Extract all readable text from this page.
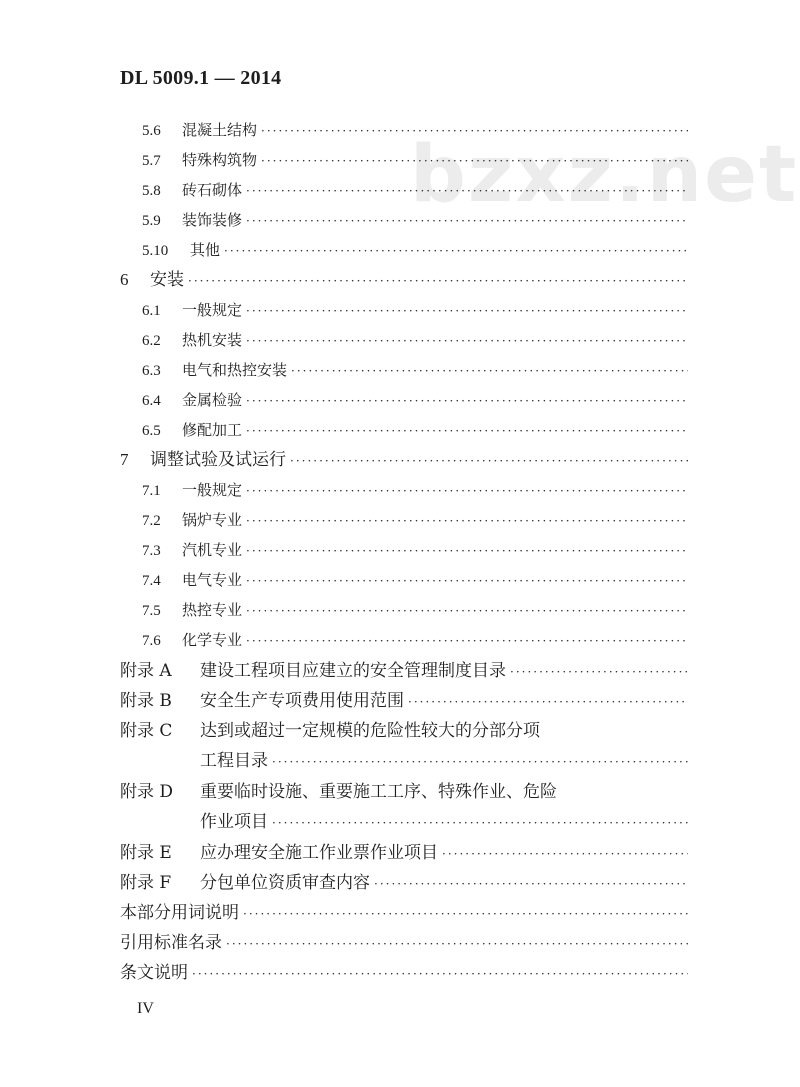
DL 5009.1 — 2014
bzxz.net
5.6	混凝土结构
·····
5.7	特殊构筑物
·····
5.8	砖石砌体
·····
5.9	装饰装修
·····
5.10	其他
·····
6	安装
·····
6.1	一般规定
·····
6.2	热机安装
·····
6.3	电气和热控安装
·····
6.4	金属检验
·····
6.5	修配加工
·····
7	调整试验及试运行
·····
7.1	一般规定
·····
7.2	锅炉专业
·····
7.3	汽机专业
·····
7.4	电气专业
·····
7.5	热控专业
·····
7.6	化学专业
·····
附录 A	建设工程项目应建立的安全管理制度目录
·····
附录 B	安全生产专项费用使用范围
·····
附录 C	达到或超过一定规模的危险性较大的分部分项
工程目录
·····
附录 D	重要临时设施、重要施工工序、特殊作业、危险
作业项目
·····
附录 E	应办理安全施工作业票作业项目
·····
附录 F	分包单位资质审查内容
·····
本部分用词说明
·····
引用标准名录
·····
条文说明
·····
IV
